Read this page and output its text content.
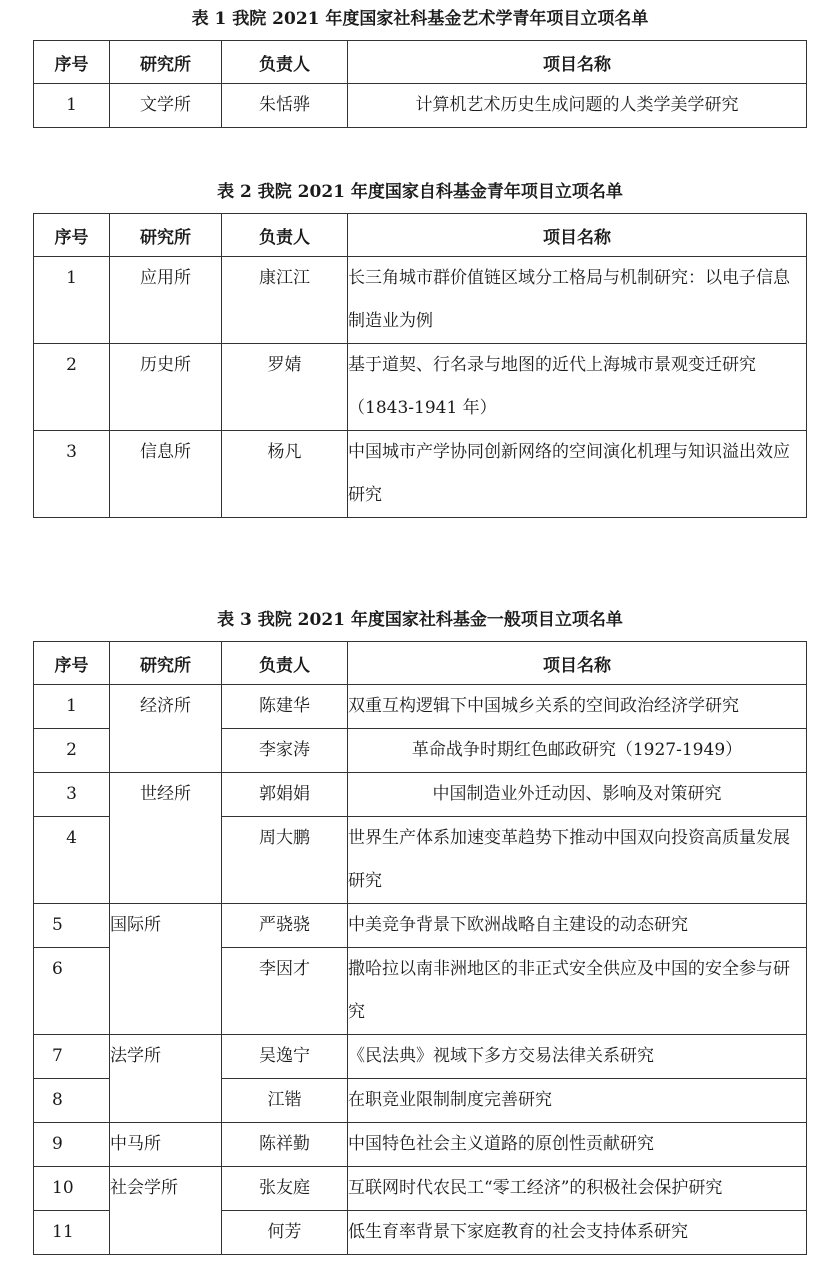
表 1 我院 2021 年度国家社科基金艺术学青年项目立项名单
序号	研究所	负责人	项目名称
1	文学所	朱恬骅	计算机艺术历史生成问题的人类学美学研究
表 2 我院 2021 年度国家自科基金青年项目立项名单
序号	研究所	负责人	项目名称
1	应用所	康江江	长三角城市群价值链区域分工格局与机制研究：以电子信息制造业为例
2	历史所	罗婧	基于道契、行名录与地图的近代上海城市景观变迁研究（1843-1941 年）
3	信息所	杨凡	中国城市产学协同创新网络的空间演化机理与知识溢出效应研究
表 3 我院 2021 年度国家社科基金一般项目立项名单
序号	研究所	负责人	项目名称
1	经济所	陈建华	双重互构逻辑下中国城乡关系的空间政治经济学研究
2		李家涛	革命战争时期红色邮政研究（1927-1949）
3	世经所	郭娟娟	中国制造业外迁动因、影响及对策研究
4		周大鹏	世界生产体系加速变革趋势下推动中国双向投资高质量发展研究
5	国际所	严骁骁	中美竞争背景下欧洲战略自主建设的动态研究
6		李因才	撒哈拉以南非洲地区的非正式安全供应及中国的安全参与研究
7	法学所	吴逸宁	《民法典》视域下多方交易法律关系研究
8		江锴	在职竞业限制制度完善研究
9	中马所	陈祥勤	中国特色社会主义道路的原创性贡献研究
10	社会学所	张友庭	互联网时代农民工“零工经济”的积极社会保护研究
11		何芳	低生育率背景下家庭教育的社会支持体系研究
